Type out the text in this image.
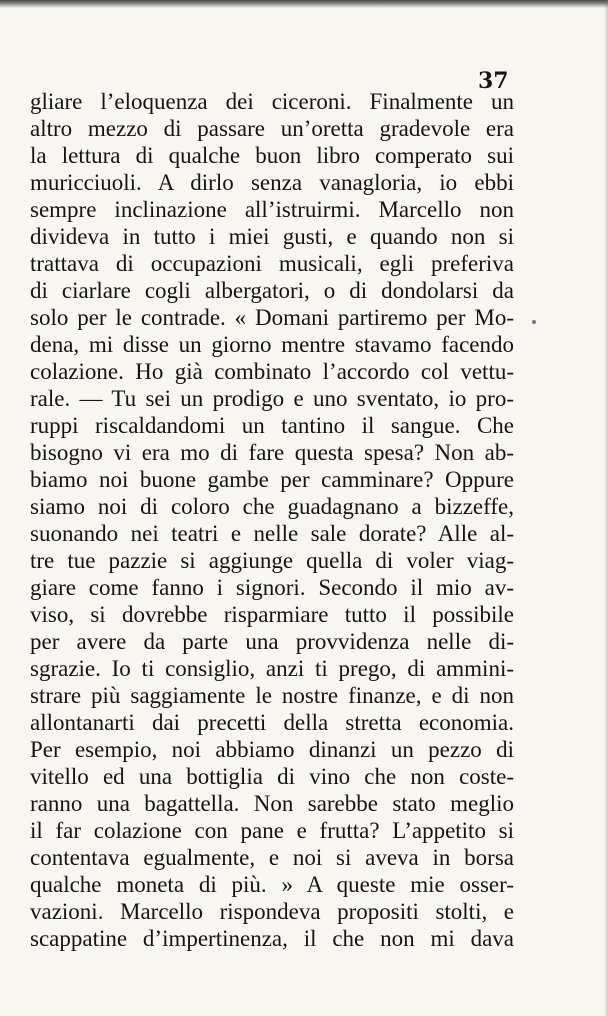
37
gliare l’eloquenza dei ciceroni. Finalmente un
altro mezzo di passare un’oretta gradevole era
la lettura di qualche buon libro comperato sui
muricciuoli. A dirlo senza vanagloria, io ebbi
sempre inclinazione all’istruirmi. Marcello non
divideva in tutto i miei gusti, e quando non si
trattava di occupazioni musicali, egli preferiva
di ciarlare cogli albergatori, o di dondolarsi da
solo per le contrade. « Domani partiremo per Mo-
dena, mi disse un giorno mentre stavamo facendo
colazione. Ho già combinato l’accordo col vettu-
rale. — Tu sei un prodigo e uno sventato, io pro-
ruppi riscaldandomi un tantino il sangue. Che
bisogno vi era mo di fare questa spesa? Non ab-
biamo noi buone gambe per camminare? Oppure
siamo noi di coloro che guadagnano a bizzeffe,
suonando nei teatri e nelle sale dorate? Alle al-
tre tue pazzie si aggiunge quella di voler viag-
giare come fanno i signori. Secondo il mio av-
viso, si dovrebbe risparmiare tutto il possibile
per avere da parte una provvidenza nelle di-
sgrazie. Io ti consiglio, anzi ti prego, di ammini-
strare più saggiamente le nostre finanze, e di non
allontanarti dai precetti della stretta economia.
Per esempio, noi abbiamo dinanzi un pezzo di
vitello ed una bottiglia di vino che non coste-
ranno una bagattella. Non sarebbe stato meglio
il far colazione con pane e frutta? L’appetito si
contentava egualmente, e noi si aveva in borsa
qualche moneta di più. » A queste mie osser-
vazioni. Marcello rispondeva propositi stolti, e
scappatine d’impertinenza, il che non mi dava
